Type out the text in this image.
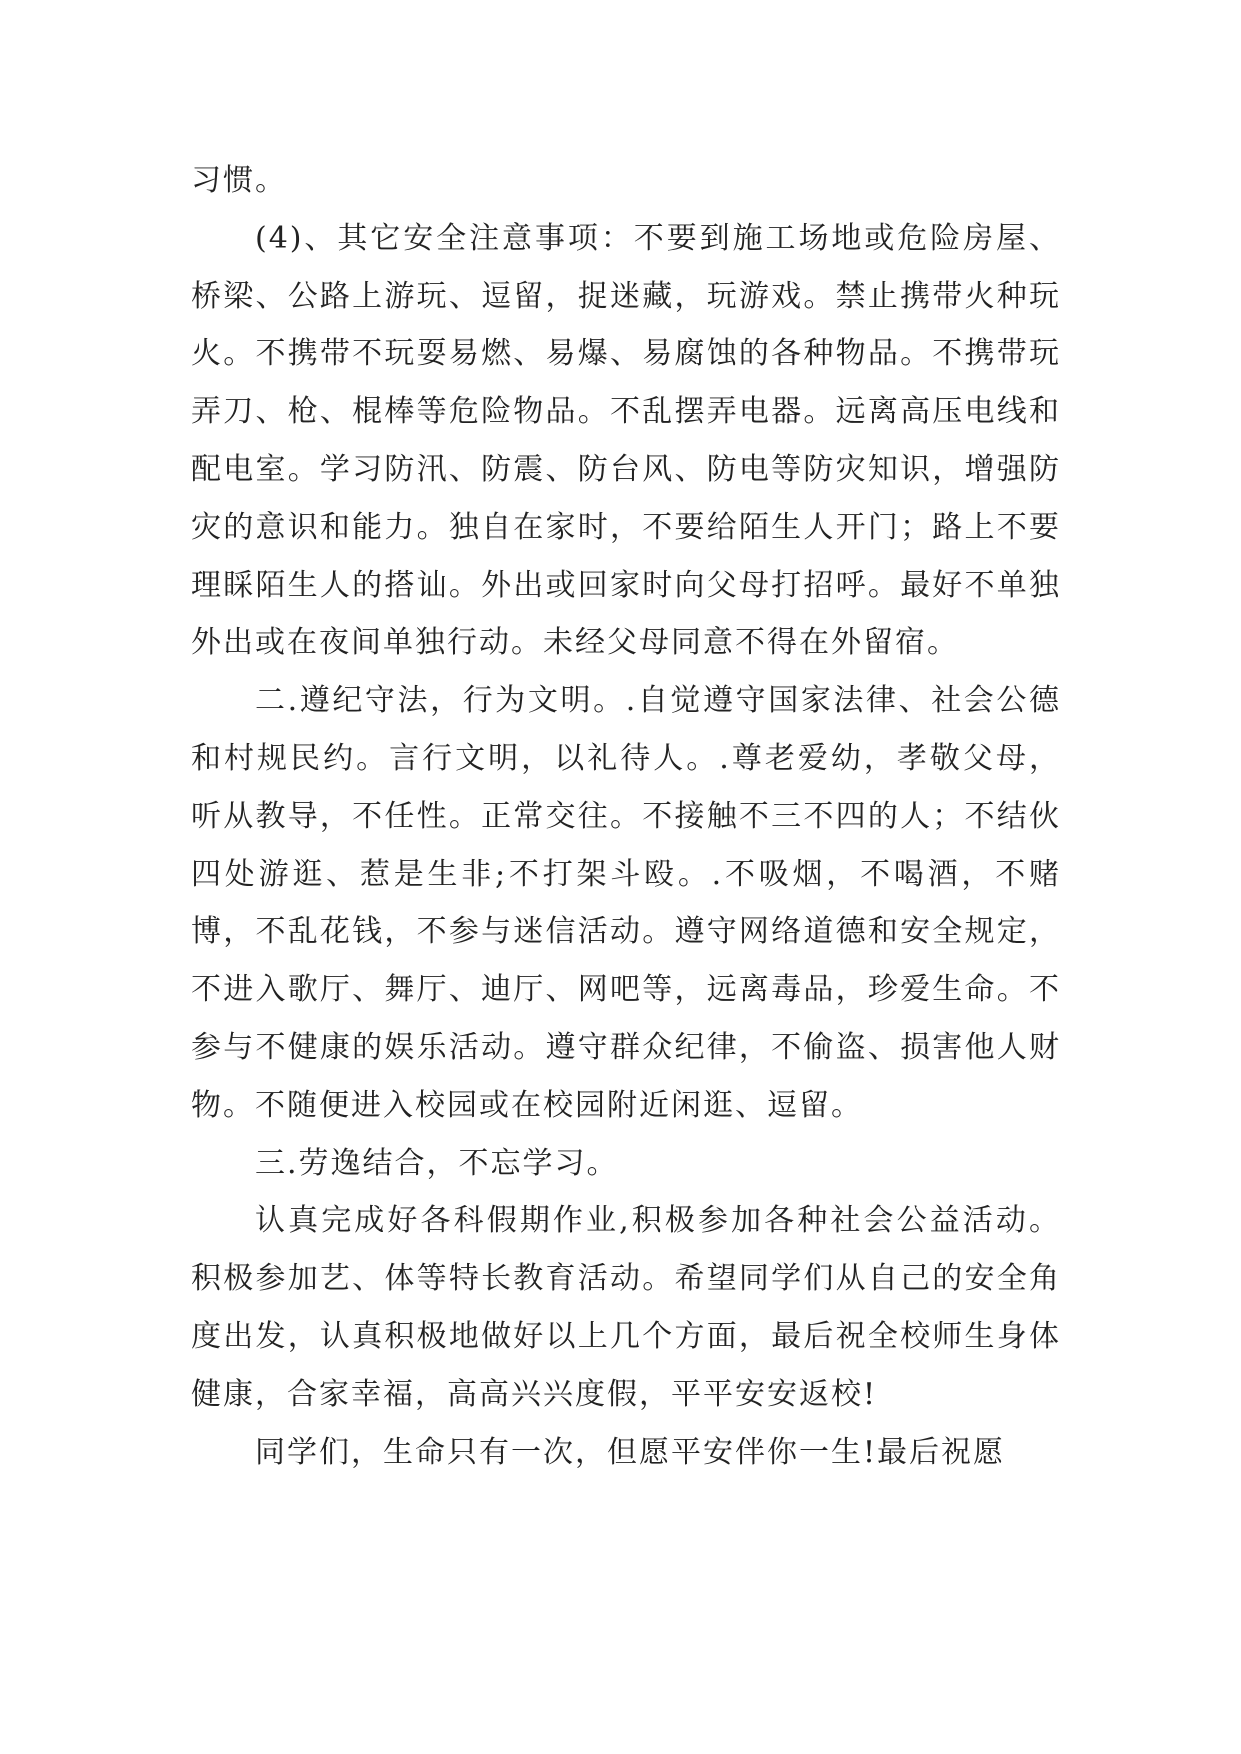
习惯。

(4)、其它安全注意事项：不要到施工场地或危险房屋、桥梁、公路上游玩、逗留，捉迷藏，玩游戏。禁止携带火种玩火。不携带不玩耍易燃、易爆、易腐蚀的各种物品。不携带玩弄刀、枪、棍棒等危险物品。不乱摆弄电器。远离高压电线和配电室。学习防汛、防震、防台风、防电等防灾知识，增强防灾的意识和能力。独自在家时，不要给陌生人开门；路上不要理睬陌生人的搭讪。外出或回家时向父母打招呼。最好不单独外出或在夜间单独行动。未经父母同意不得在外留宿。

二.遵纪守法，行为文明。.自觉遵守国家法律、社会公德和村规民约。言行文明，以礼待人。.尊老爱幼，孝敬父母，听从教导，不任性。正常交往。不接触不三不四的人；不结伙四处游逛、惹是生非;不打架斗殴。.不吸烟，不喝酒，不赌博，不乱花钱，不参与迷信活动。遵守网络道德和安全规定，不进入歌厅、舞厅、迪厅、网吧等，远离毒品，珍爱生命。不参与不健康的娱乐活动。遵守群众纪律，不偷盗、损害他人财物。不随便进入校园或在校园附近闲逛、逗留。

三.劳逸结合，不忘学习。

认真完成好各科假期作业,积极参加各种社会公益活动。积极参加艺、体等特长教育活动。希望同学们从自己的安全角度出发，认真积极地做好以上几个方面，最后祝全校师生身体健康，合家幸福，高高兴兴度假，平平安安返校!

同学们，生命只有一次，但愿平安伴你一生!最后祝愿
